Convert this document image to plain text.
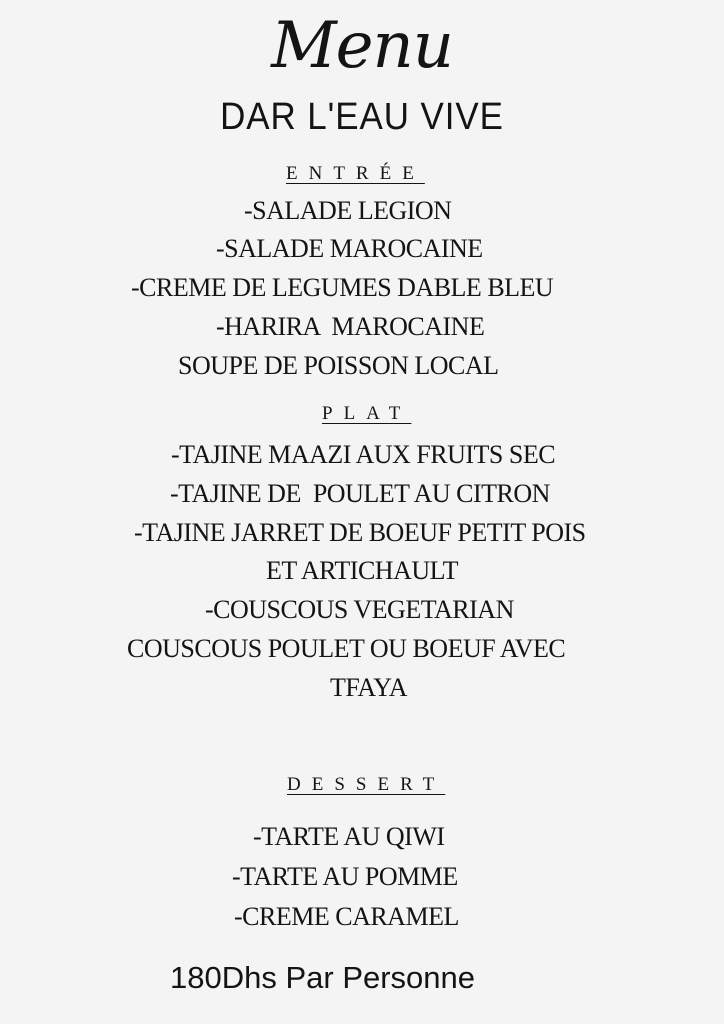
Menu
DAR L'EAU VIVE
ENTRÉE
-SALADE LEGION
-SALADE MAROCAINE
-CREME DE LEGUMES DABLE BLEU
-HARIRA  MAROCAINE
SOUPE DE POISSON LOCAL
PLAT
-TAJINE MAAZI AUX FRUITS SEC
-TAJINE DE  POULET AU CITRON
-TAJINE JARRET DE BOEUF PETIT POIS
ET ARTICHAULT
-COUSCOUS VEGETARIAN
COUSCOUS POULET OU BOEUF AVEC
TFAYA
DESSERT
-TARTE AU QIWI
-TARTE AU POMME
-CREME CARAMEL
180Dhs Par Personne
